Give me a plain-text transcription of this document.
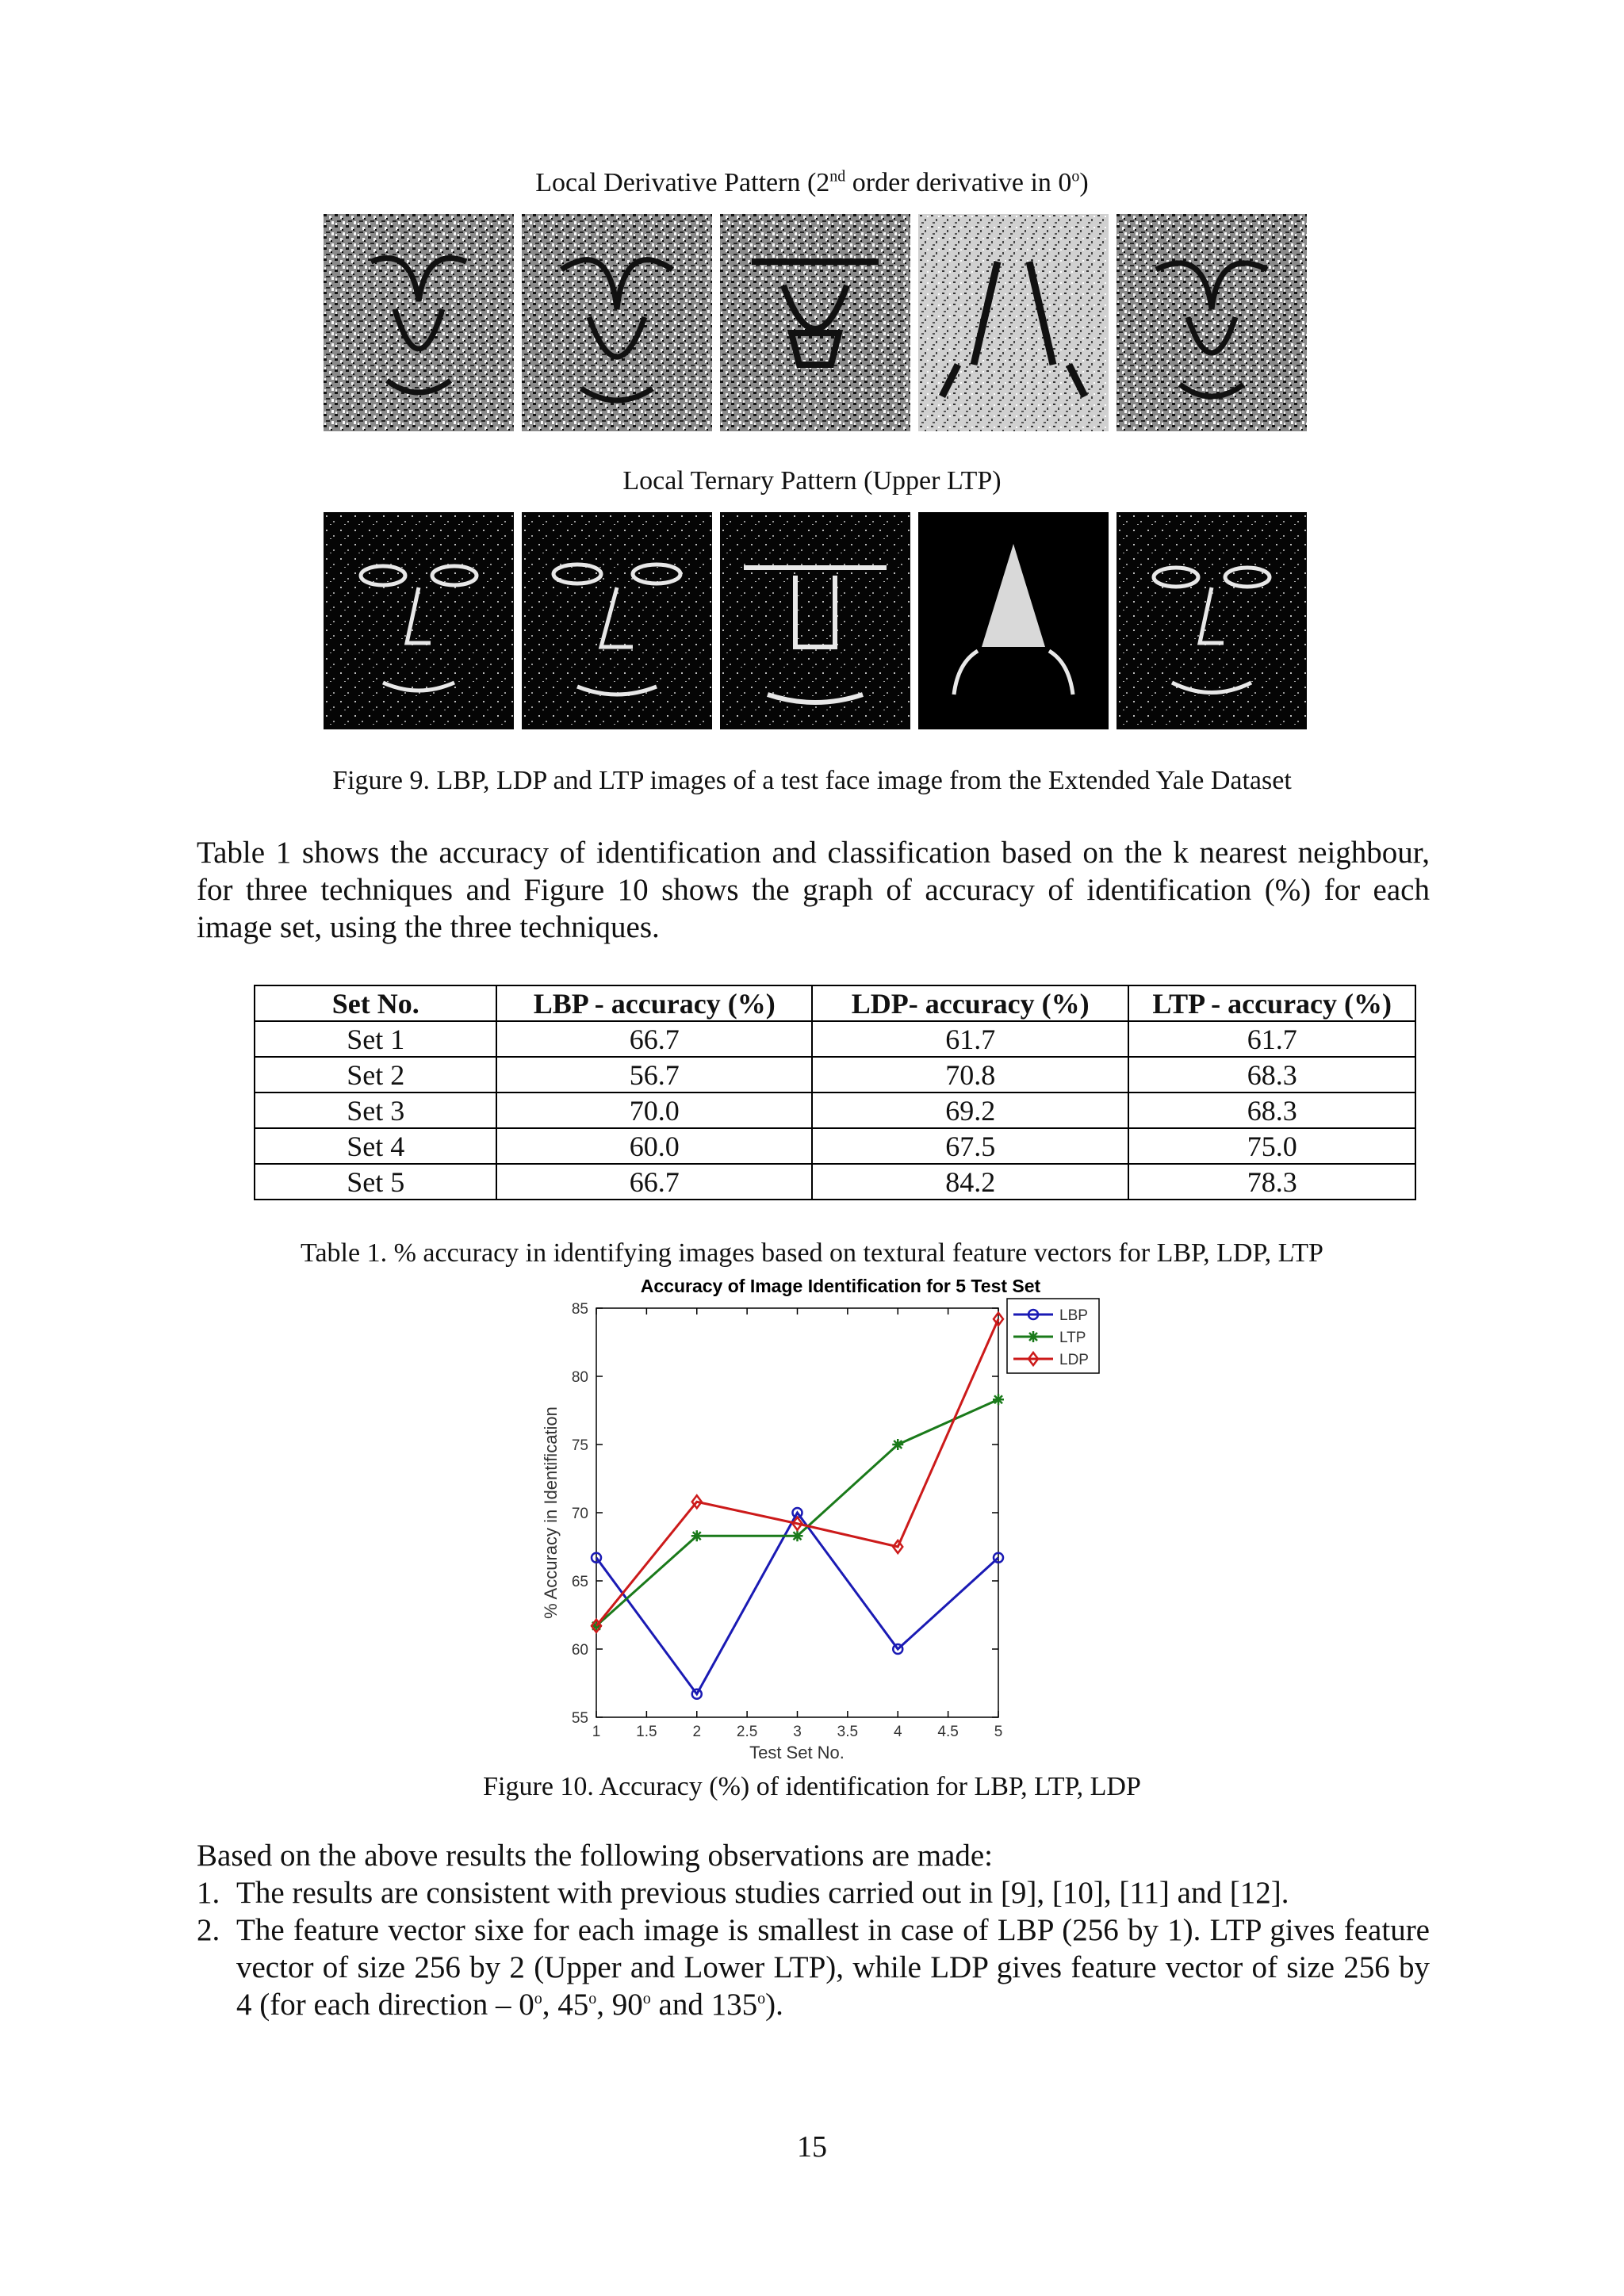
Local Derivative Pattern (2nd order derivative in 0$^o$)
Local Ternary Pattern (Upper LTP)
Figure 9. LBP, LDP and LTP images of a test face image from the Extended Yale Dataset
Table 1 shows the accuracy of identification and classification based on the k nearest neighbour, for three techniques and Figure 10 shows the graph of accuracy of identification (%) for each image set, using the three techniques.
Set No.	LBP - accuracy (%)	LDP- accuracy (%)	LTP - accuracy (%)
Set 1	66.7	61.7	61.7
Set 2	56.7	70.8	68.3
Set 3	70.0	69.2	68.3
Set 4	60.0	67.5	75.0
Set 5	66.7	84.2	78.3
Table 1. % accuracy in identifying images based on textural feature vectors for LBP, LDP, LTP
Accuracy of Image Identification for 5 Test Set
55
60
65
70
75
80
85
1 1.5 2 2.5 3 3.5 4 4.5 5
Test Set No.
% Accuracy in Identification
LBP
LTP
LDP
Figure 10. Accuracy (%) of identification for LBP, LTP, LDP
Based on the above results the following observations are made:
1. The results are consistent with previous studies carried out in [9], [10], [11] and [12].
2. The feature vector sixe for each image is smallest in case of LBP (256 by 1). LTP gives feature vector of size 256 by 2 (Upper and Lower LTP), while LDP gives feature vector of size 256 by 4 (for each direction – 0$^o$, 45$^o$, 90$^o$ and 135$^o$).
15
